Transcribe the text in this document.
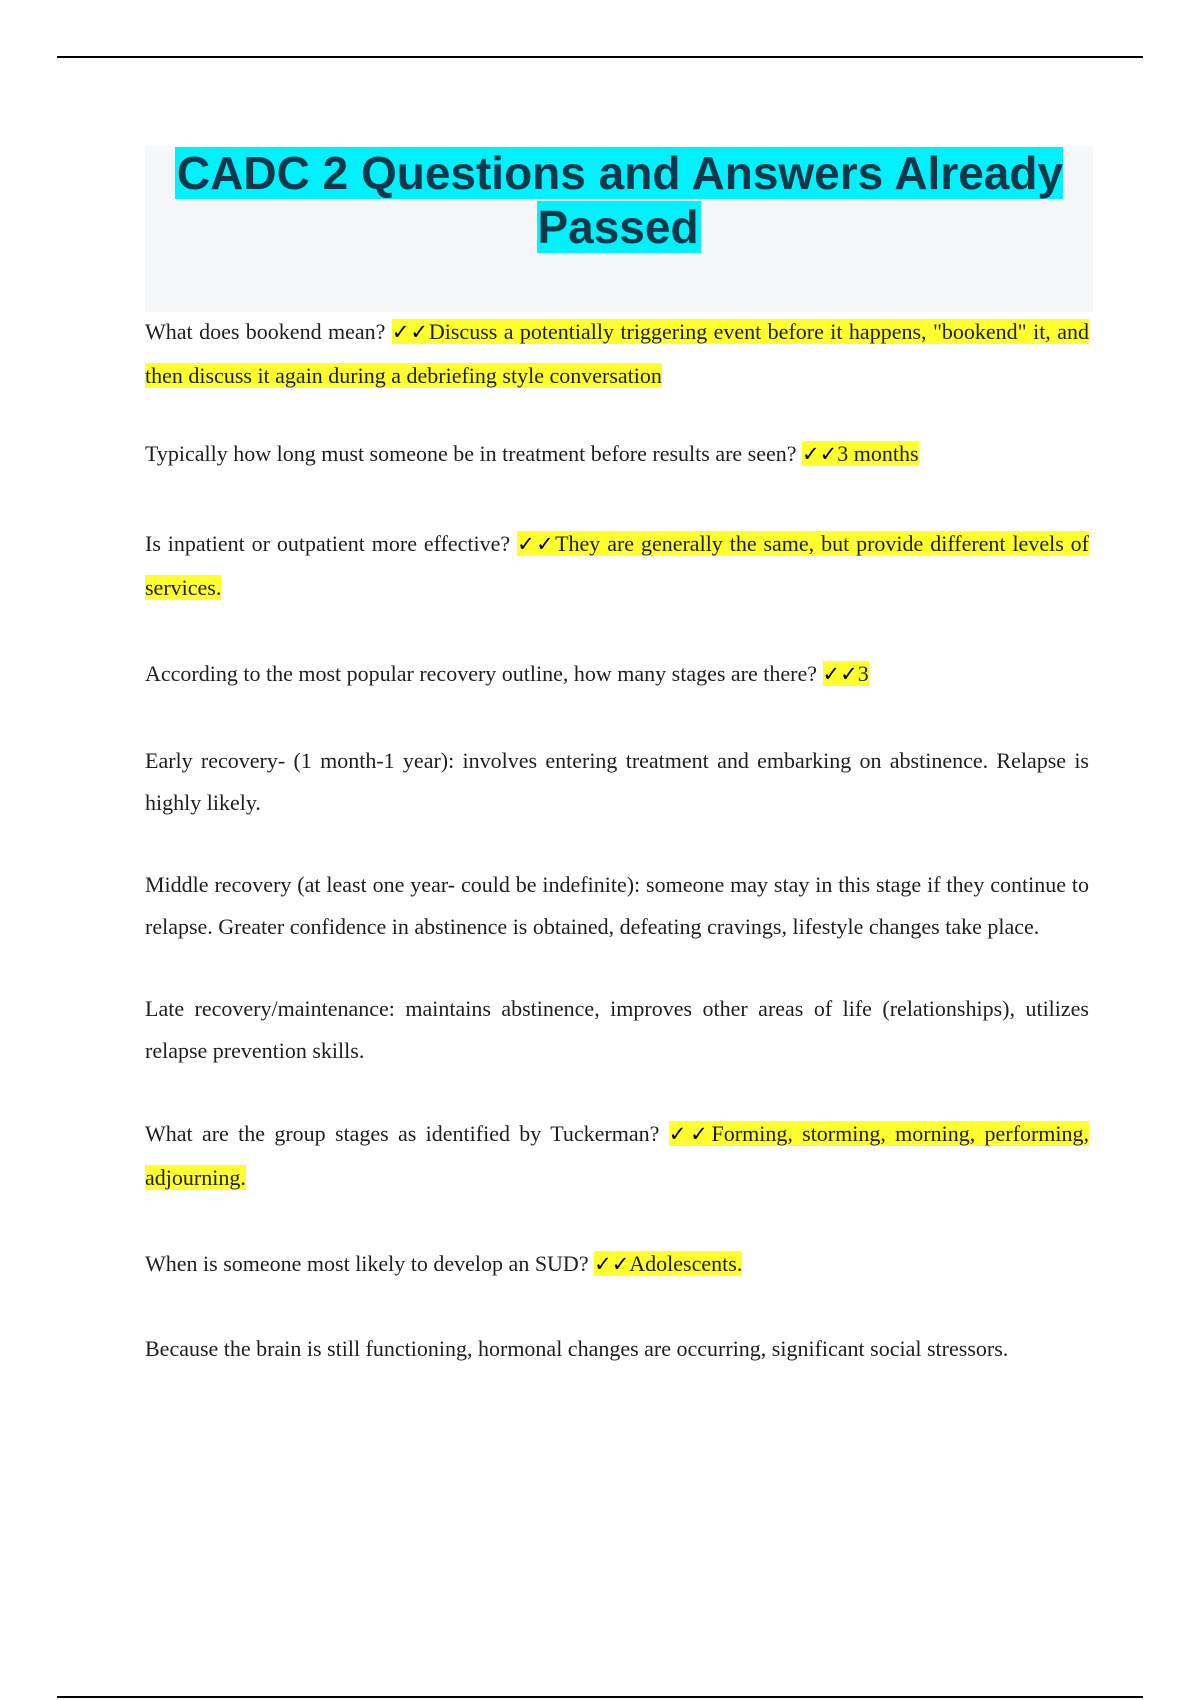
CADC 2 Questions and Answers Already Passed

What does bookend mean? ✓✓Discuss a potentially triggering event before it happens, "bookend" it, and then discuss it again during a debriefing style conversation

Typically how long must someone be in treatment before results are seen? ✓✓3 months

Is inpatient or outpatient more effective? ✓✓They are generally the same, but provide different levels of services.

According to the most popular recovery outline, how many stages are there? ✓✓3

Early recovery- (1 month-1 year): involves entering treatment and embarking on abstinence. Relapse is highly likely.

Middle recovery (at least one year- could be indefinite): someone may stay in this stage if they continue to relapse. Greater confidence in abstinence is obtained, defeating cravings, lifestyle changes take place.

Late recovery/maintenance: maintains abstinence, improves other areas of life (relationships), utilizes relapse prevention skills.

What are the group stages as identified by Tuckerman? ✓✓Forming, storming, morning, performing, adjourning.

When is someone most likely to develop an SUD? ✓✓Adolescents.

Because the brain is still functioning, hormonal changes are occurring, significant social stressors.
